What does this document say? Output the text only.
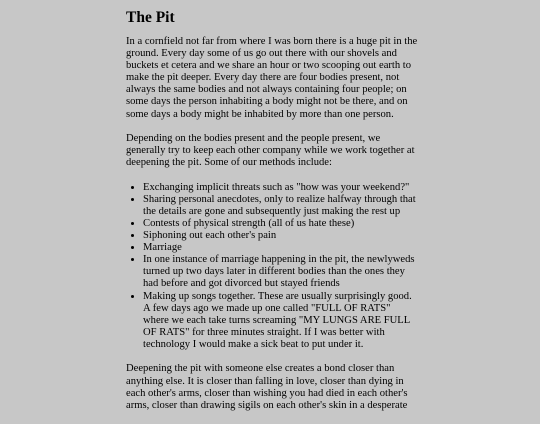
The Pit

In a cornfield not far from where I was born there is a huge pit in the ground. Every day some of us go out there with our shovels and buckets et cetera and we share an hour or two scooping out earth to make the pit deeper. Every day there are four bodies present, not always the same bodies and not always containing four people; on some days the person inhabiting a body might not be there, and on some days a body might be inhabited by more than one person.

Depending on the bodies present and the people present, we generally try to keep each other company while we work together at deepening the pit. Some of our methods include:

• Exchanging implicit threats such as "how was your weekend?"
• Sharing personal anecdotes, only to realize halfway through that the details are gone and subsequently just making the rest up
• Contests of physical strength (all of us hate these)
• Siphoning out each other's pain
• Marriage
• In one instance of marriage happening in the pit, the newlyweds turned up two days later in different bodies than the ones they had before and got divorced but stayed friends
• Making up songs together. These are usually surprisingly good. A few days ago we made up one called "FULL OF RATS" where we each take turns screaming "MY LUNGS ARE FULL OF RATS" for three minutes straight. If I was better with technology I would make a sick beat to put under it.

Deepening the pit with someone else creates a bond closer than anything else. It is closer than falling in love, closer than dying in each other's arms, closer than wishing you had died in each other's arms, closer than drawing sigils on each other's skin in a desperate
